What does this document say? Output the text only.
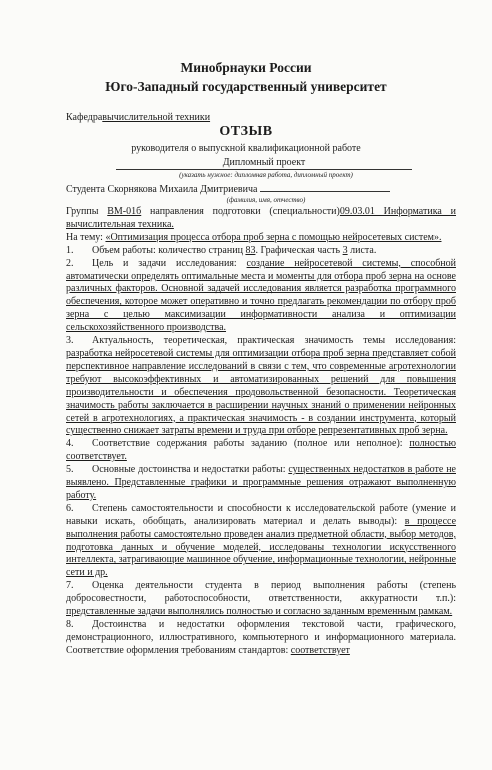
Минобрнауки России
Юго-Западный государственный университет
Кафедравычислительной техники
ОТЗЫВ
руководителя о выпускной квалификационной работе
Дипломный проект
(указать нужное: дипломная работа, дипломный проект)
Студента Скорнякова Михаила Дмитриевича
(фамилия, имя, отчество)

Группы ВМ-01б направления подготовки (специальности)09.03.01 Информатика и вычислительная техника.

На тему: «Оптимизация процесса отбора проб зерна с помощью нейросетевых систем».

1. Объем работы: количество страниц 83. Графическая часть 3 листа.

2. Цель и задачи исследования: создание нейросетевой системы, способной автоматически определять оптимальные места и моменты для отбора проб зерна на основе различных факторов. Основной задачей исследования является разработка программного обеспечения, которое может оперативно и точно предлагать рекомендации по отбору проб зерна с целью максимизации информативности анализа и оптимизации сельскохозяйственного производства.

3. Актуальность, теоретическая, практическая значимость темы исследования: разработка нейросетевой системы для оптимизации отбора проб зерна представляет собой перспективное направление исследований в связи с тем, что современные агротехнологии требуют высокоэффективных и автоматизированных решений для повышения производительности и обеспечения продовольственной безопасности. Теоретическая значимость работы заключается в расширении научных знаний о применении нейронных сетей в агротехнологиях, а практическая значимость - в создании инструмента, который существенно снижает затраты времени и труда при отборе репрезентативных проб зерна.

4. Соответствие содержания работы заданию (полное или неполное): полностью соответствует.

5. Основные достоинства и недостатки работы: существенных недостатков в работе не выявлено. Представленные графики и программные решения отражают выполненную работу.

6. Степень самостоятельности и способности к исследовательской работе (умение и навыки искать, обобщать, анализировать материал и делать выводы): в процессе выполнения работы самостоятельно проведен анализ предметной области, выбор методов, подготовка данных и обучение моделей, исследованы технологии искусственного интеллекта, затрагивающие машинное обучение, информационные технологии, нейронные сети и др.

7. Оценка деятельности студента в период выполнения работы (степень добросовестности, работоспособности, ответственности, аккуратности т.п.): представленные задачи выполнялись полностью и согласно заданным временным рамкам.

8. Достоинства и недостатки оформления текстовой части, графического, демонстрационного, иллюстративного, компьютерного и информационного материала. Соответствие оформления требованиям стандартов: соответствует
